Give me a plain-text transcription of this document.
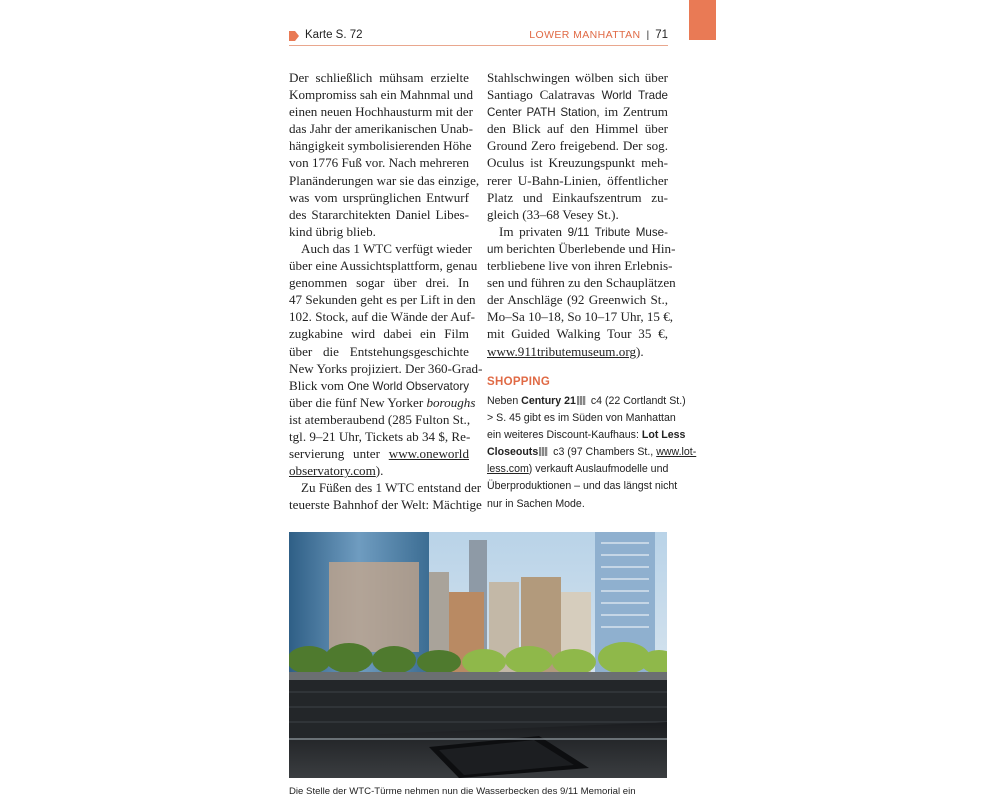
Karte S. 72	LOWER MANHATTAN | 71
Der schließlich mühsam erzielte
Kompromiss sah ein Mahnmal und
einen neuen Hochhausturm mit der
das Jahr der amerikanischen Unab-
hängigkeit symbolisierenden Höhe
von 1776 Fuß vor. Nach mehreren
Planänderungen war sie das einzige,
was vom ursprünglichen Entwurf
des Stararchitekten Daniel Libes-
kind übrig blieb.
Auch das 1 WTC verfügt wieder
über eine Aussichtsplattform, genau
genommen sogar über drei. In
47 Sekunden geht es per Lift in den
102. Stock, auf die Wände der Auf-
zugkabine wird dabei ein Film
über die Entstehungsgeschichte
New Yorks projiziert. Der 360-Grad-
Blick vom One World Observatory
über die fünf New Yorker boroughs
ist atemberaubend (285 Fulton St.,
tgl. 9–21 Uhr, Tickets ab 34 $, Re-
servierung unter www.oneworld
observatory.com).
Zu Füßen des 1 WTC entstand der
teuerste Bahnhof der Welt: Mächtige
Stahlschwingen wölben sich über
Santiago Calatravas World Trade
Center PATH Station, im Zentrum
den Blick auf den Himmel über
Ground Zero freigebend. Der sog.
Oculus ist Kreuzungspunkt meh-
rerer U-Bahn-Linien, öffentlicher
Platz und Einkaufszentrum zu-
gleich (33–68 Vesey St.).
Im privaten 9/11 Tribute Muse-
um berichten Überlebende und Hin-
terbliebene live von ihren Erlebnis-
sen und führen zu den Schauplätzen
der Anschläge (92 Greenwich St.,
Mo–Sa 10–18, So 10–17 Uhr, 15 €,
mit Guided Walking Tour 35 €,
www.911tributemuseum.org).
SHOPPING
Neben Century 21 c4 (22 Cortlandt St.)
> S. 45 gibt es im Süden von Manhattan
ein weiteres Discount-Kaufhaus: Lot Less
Closeouts c3 (97 Chambers St., www.lot-
less.com) verkauft Auslaufmodelle und
Überproduktionen – und das längst nicht
nur in Sachen Mode.
Die Stelle der WTC-Türme nehmen nun die Wasserbecken des 9/11 Memorial ein
